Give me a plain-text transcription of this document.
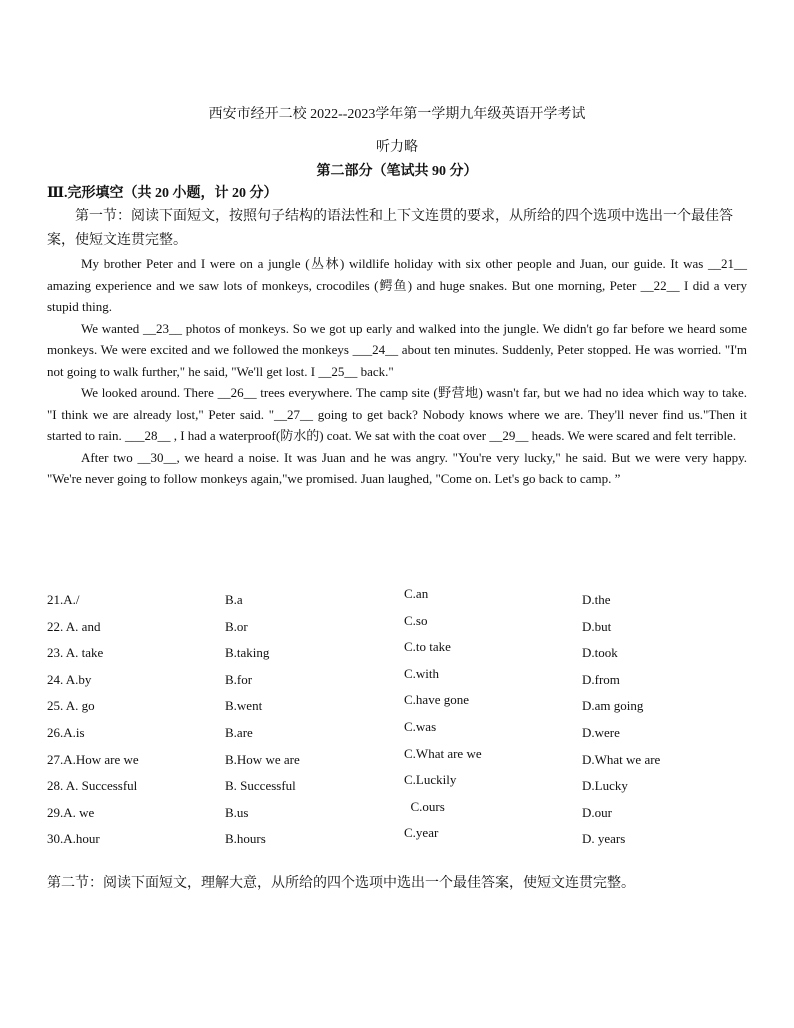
西安市经开二校 2022--2023学年第一学期九年级英语开学考试
听力略
第二部分（笔试共 90 分）
Ⅲ.完形填空（共 20 小题，计 20 分）
第一节：阅读下面短文，按照句子结构的语法性和上下文连贯的要求，从所给的四个选项中选出一个最佳答案，使短文连贯完整。

My brother Peter and I were on a jungle (丛林) wildlife holiday with six other people and Juan, our guide. It was __21__ amazing experience and we saw lots of monkeys, crocodiles (鳄鱼) and huge snakes. But one morning, Peter __22__ I did a very stupid thing.

We wanted __23__ photos of monkeys. So we got up early and walked into the jungle. We didn't go far before we heard some monkeys. We were excited and we followed the monkeys ___24__ about ten minutes. Suddenly, Peter stopped. He was worried. "I'm not going to walk further," he said, "We'll get lost. I __25__ back."

We looked around. There __26__ trees everywhere. The camp site (野营地) wasn't far, but we had no idea which way to take. "I think we are already lost," Peter said. "__27__ going to get back? Nobody knows where we are. They'll never find us."Then it started to rain. ___28__ , I had a waterproof(防水的) coat. We sat with the coat over __29__ heads. We were scared and felt terrible.

After two __30__, we heard a noise. It was Juan and he was angry. "You're very lucky," he said. But we were very happy. "We're never going to follow monkeys again,"we promised. Juan laughed, "Come on. Let's go back to camp. ”

21.A./	B.a	C.an	D.the
22. A. and	B.or	C.so	D.but
23. A. take	B.taking	C.to take	D.took
24. A.by	B.for	C.with	D.from
25. A. go	B.went	C.have gone	D.am going
26.A.is	B.are	C.was	D.were
27.A.How are we	B.How we are	C.What are we	D.What we are
28. A. Successful	B. Successful	C.Luckily	D.Lucky
29.A. we	B.us	C.ours	D.our
30.A.hour	B.hours	C.year	D. years
第二节：阅读下面短文，理解大意，从所给的四个选项中选出一个最佳答案，使短文连贯完整。
